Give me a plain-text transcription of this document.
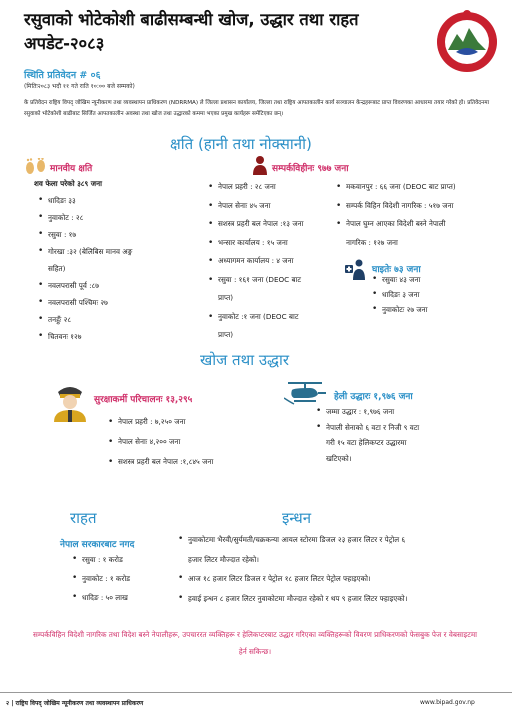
रसुवाको भोटेकोशी बाढीसम्बन्धी खोज, उद्धार तथा राहत अपडेट-२०८३
स्थिति प्रतिवेदन # ०६
(मितिः२०८३ भदौ ११ गते राति १०:०० बजे सम्मको)
के प्रतिवेदन राष्ट्रिय विपद् जोखिम न्यूनीकरण तथा व्यवस्थापन प्राधिकरण (NDRRMA) ले जिल्ला प्रशासन कार्यालय, जिल्ला तथा राष्ट्रिय आपतकालीन कार्य सञ्चालन केन्द्रहरूबाट प्राप्त विवरणका आधारमा तयार गरेको हो। प्रतिवेदनमा रसुवाको भोटेकोशी बाढीबाट सिर्जित आपतकालीन अवस्था तथा खोज तथा उद्धारको कममा भएका प्रमुख कार्यहरू समेटिएका छन्।
क्षति (हानी तथा नोक्सानी)
मानवीय क्षति
शव फेला परेको ३८९ जना
• धादिङः ३३
• नुवाकोट : २८
• रसुवा : १७
• गोरखा :३२ (बेलिबिस मानव अङ्ग
सहित)
• नवलपरासी पूर्व :८७
• नवलपरासी पश्चिमः २७
• तनहुँः २८
• चितवनः १२७
सम्पर्कविहीनः ९७७ जना
• नेपाल प्रहरी : २८ जना
• नेपाल सेनाः ४५ जना
• सशस्त्र प्रहरी बल नेपाल :१३ जना
• भन्सार कार्यालय : १५ जना
• अध्यागमन कार्यालय : ४ जना
• रसुवा : १६१ जना (DEOC बाट
प्राप्त)
• नुवाकोट :१ जना (DEOC बाट
प्राप्त)
• मकवानपुर : ६६ जना (DEOC बाट प्राप्त)
• सम्पर्क विहिन विदेशी नागरिक : ५१७ जना
• नेपाल घुम्न आएका विदेशी बस्ने नेपाली
नागरिक : १२७ जना
घाइतेः ७३ जना
• रसुवाः ४३ जना
• धादिङः ३ जना
• नुवाकोटः २७ जना
खोज तथा उद्धार
सुरक्षाकर्मी परिचालनः १३,२९५
• नेपाल प्रहरी : ७,२५० जना
• नेपाल सेनाः ४,२०० जना
• सशस्त्र प्रहरी बल नेपाल :१,८४५ जना
हेली उद्धारः १,९७६ जना
• जम्मा उद्धार : १,९७६ जना
• नेपाली सेनाको ६ वटा र निजी ९ वटा
गरी १५ वटा हेलिकप्टर उद्धारमा
खटिएको।
राहत
नेपाल सरकारबाट नगद
• रसुवा : १ करोड
• नुवाकोट : १ करोड
• धादिङ : ५० लाख
इन्धन
• नुवाकोटमा भैरवी/सुर्यमती/चक्रकन्या आयल स्टोरमा डिजल २३ हजार लिटर र पेट्रोल ६
हजार लिटर मौज्दात रहेको।
• आज १८ हजार लिटर डिजल र पेट्रोल १८ हजार लिटर पेट्रोल फ्हाइएको।
• हवाई इन्धन ८ हजार लिटर नुवाकोटमा मौज्दात रहेको र थप ९ हजार लिटर फ्हाइएको।
सम्पर्कविहिन विदेशी नागरिक तथा विदेश बस्ने नेपालीहरू, उपचाररत व्यक्तिहरू र हेलिकप्टरबाट उद्धार गरिएका व्यक्तिहरूको विवरण प्राधिकरणको फेसबुक पेज र वेबसाइटमा हेर्न सकिन्छ।
२ | राष्ट्रिय विपद् जोखिम न्यूनीकरण तथा व्यवस्थापन प्राधिकरण	www.bipad.gov.np
